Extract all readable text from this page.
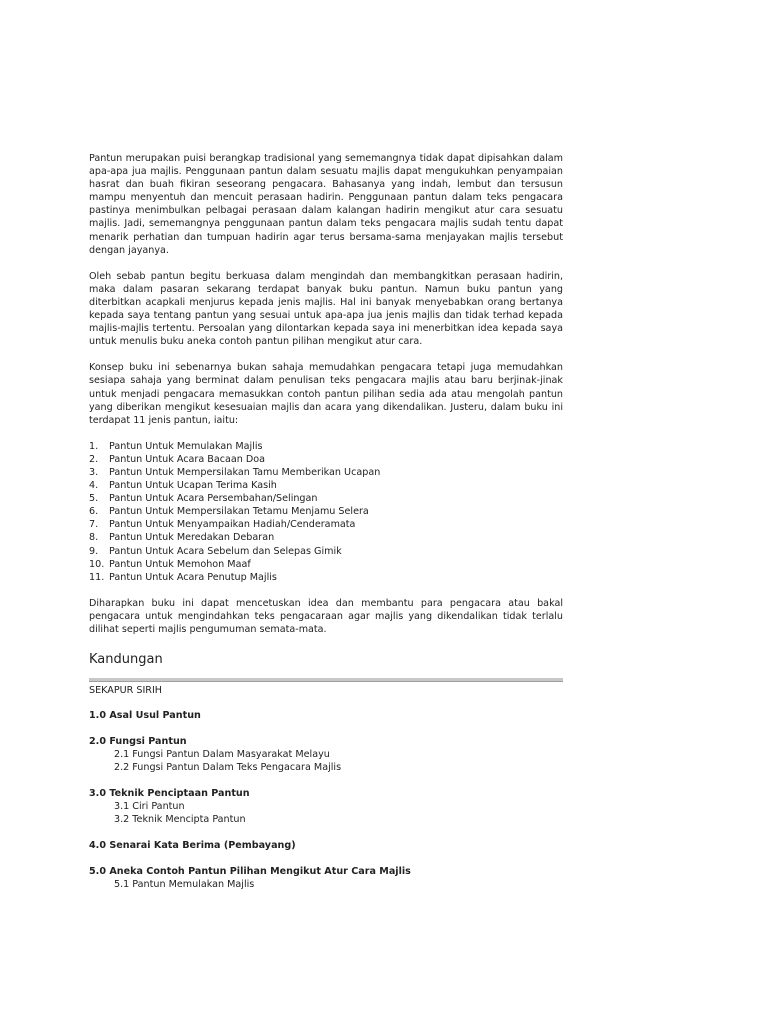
Pantun merupakan puisi berangkap tradisional yang sememangnya tidak dapat dipisahkan dalam apa-apa jua majlis. Penggunaan pantun dalam sesuatu majlis dapat mengukuhkan penyampaian hasrat dan buah fikiran seseorang pengacara. Bahasanya yang indah, lembut dan tersusun mampu menyentuh dan mencuit perasaan hadirin. Penggunaan pantun dalam teks pengacara pastinya menimbulkan pelbagai perasaan dalam kalangan hadirin mengikut atur cara sesuatu majlis. Jadi, sememangnya penggunaan pantun dalam teks pengacara majlis sudah tentu dapat menarik perhatian dan tumpuan hadirin agar terus bersama-sama menjayakan majlis tersebut dengan jayanya.

Oleh sebab pantun begitu berkuasa dalam mengindah dan membangkitkan perasaan hadirin, maka dalam pasaran sekarang terdapat banyak buku pantun. Namun buku pantun yang diterbitkan acapkali menjurus kepada jenis majlis. Hal ini banyak menyebabkan orang bertanya kepada saya tentang pantun yang sesuai untuk apa-apa jua jenis majlis dan tidak terhad kepada majlis-majlis tertentu. Persoalan yang dilontarkan kepada saya ini menerbitkan idea kepada saya untuk menulis buku aneka contoh pantun pilihan mengikut atur cara.

Konsep buku ini sebenarnya bukan sahaja memudahkan pengacara tetapi juga memudahkan sesiapa sahaja yang berminat dalam penulisan teks pengacara majlis atau baru berjinak-jinak untuk menjadi pengacara memasukkan contoh pantun pilihan sedia ada atau mengolah pantun yang diberikan mengikut kesesuaian majlis dan acara yang dikendalikan. Justeru, dalam buku ini terdapat 11 jenis pantun, iaitu:

1.	Pantun Untuk Memulakan Majlis
2.	Pantun Untuk Acara Bacaan Doa
3.	Pantun Untuk Mempersilakan Tamu Memberikan Ucapan
4.	Pantun Untuk Ucapan Terima Kasih
5.	Pantun Untuk Acara Persembahan/Selingan
6.	Pantun Untuk Mempersilakan Tetamu Menjamu Selera
7.	Pantun Untuk Menyampaikan Hadiah/Cenderamata
8.	Pantun Untuk Meredakan Debaran
9.	Pantun Untuk Acara Sebelum dan Selepas Gimik
10. Pantun Untuk Memohon Maaf
11. Pantun Untuk Acara Penutup Majlis

Diharapkan buku ini dapat mencetuskan idea dan membantu para pengacara atau bakal pengacara untuk mengindahkan teks pengacaraan agar majlis yang dikendalikan tidak terlalu dilihat seperti majlis pengumuman semata-mata.

Kandungan
SEKAPUR SIRIH
1.0 Asal Usul Pantun
2.0 Fungsi Pantun
2.1 Fungsi Pantun Dalam Masyarakat Melayu
2.2 Fungsi Pantun Dalam Teks Pengacara Majlis
3.0 Teknik Penciptaan Pantun
3.1 Ciri Pantun
3.2 Teknik Mencipta Pantun
4.0 Senarai Kata Berima (Pembayang)
5.0 Aneka Contoh Pantun Pilihan Mengikut Atur Cara Majlis
5.1 Pantun Memulakan Majlis
